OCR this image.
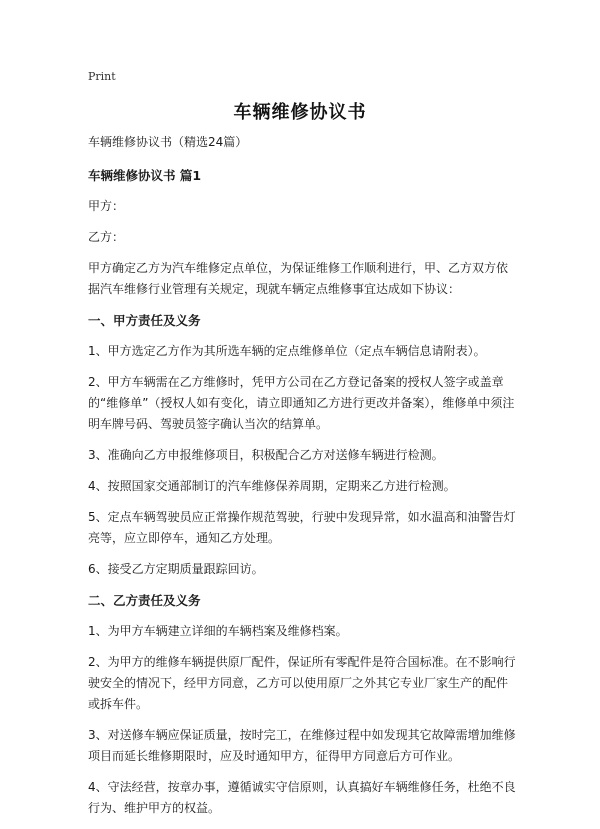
Print
车辆维修协议书

车辆维修协议书（精选24篇）

车辆维修协议书 篇1

甲方：

乙方：

甲方确定乙方为汽车维修定点单位，为保证维修工作顺利进行，甲、乙方双方依据汽车维修行业管理有关规定，现就车辆定点维修事宜达成如下协议：

一、甲方责任及义务

1、甲方选定乙方作为其所选车辆的定点维修单位（定点车辆信息请附表）。

2、甲方车辆需在乙方维修时，凭甲方公司在乙方登记备案的授权人签字或盖章的“维修单”（授权人如有变化，请立即通知乙方进行更改并备案），维修单中须注明车牌号码、驾驶员签字确认当次的结算单。

3、准确向乙方申报维修项目，积极配合乙方对送修车辆进行检测。

4、按照国家交通部制订的汽车维修保养周期，定期来乙方进行检测。

5、定点车辆驾驶员应正常操作规范驾驶，行驶中发现异常，如水温高和油警告灯亮等，应立即停车，通知乙方处理。

6、接受乙方定期质量跟踪回访。

二、乙方责任及义务

1、为甲方车辆建立详细的车辆档案及维修档案。

2、为甲方的维修车辆提供原厂配件，保证所有零配件是符合国标准。在不影响行驶安全的情况下，经甲方同意，乙方可以使用原厂之外其它专业厂家生产的配件或拆车件。

3、对送修车辆应保证质量，按时完工，在维修过程中如发现其它故障需增加维修项目而延长维修期限时，应及时通知甲方，征得甲方同意后方可作业。

4、守法经营，按章办事，遵循诚实守信原则，认真搞好车辆维修任务，杜绝不良行为、维护甲方的权益。
